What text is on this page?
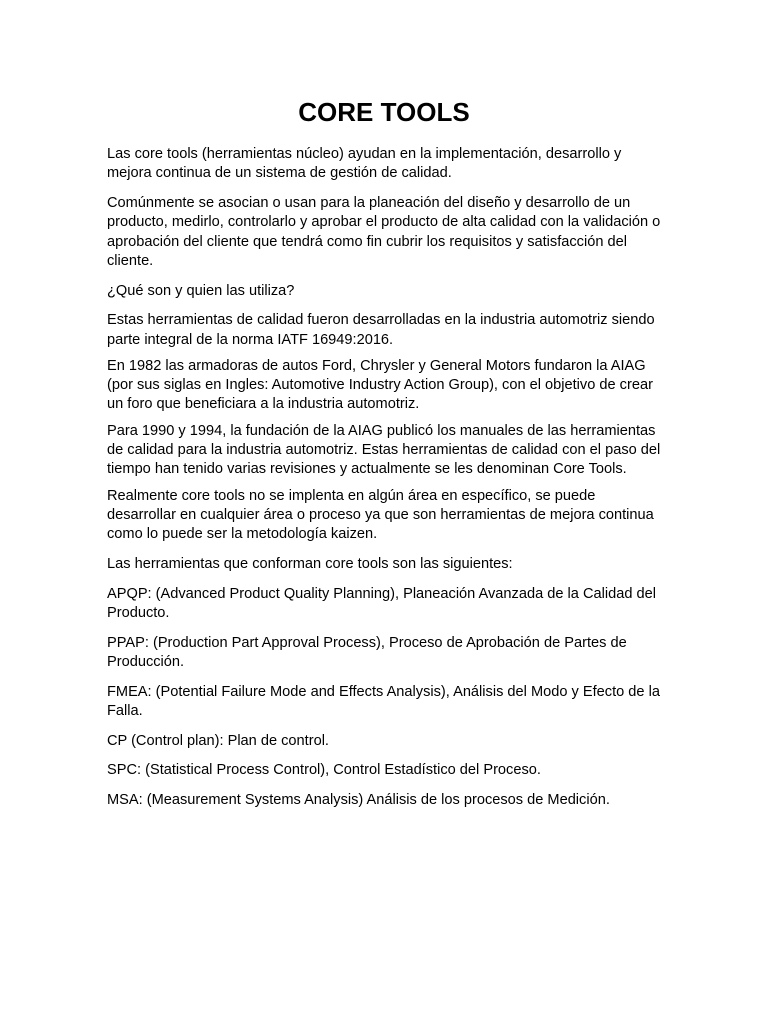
CORE TOOLS

Las core tools (herramientas núcleo) ayudan en la implementación, desarrollo y mejora continua de un sistema de gestión de calidad.

Comúnmente se asocian o usan para la planeación del diseño y desarrollo de un producto, medirlo, controlarlo y aprobar el producto de alta calidad con la validación o aprobación del cliente que tendrá como fin cubrir los requisitos y satisfacción del cliente.

¿Qué son y quien las utiliza?

Estas herramientas de calidad fueron desarrolladas en la industria automotriz siendo parte integral de la norma IATF 16949:2016.

En 1982 las armadoras de autos Ford, Chrysler y General Motors fundaron la AIAG (por sus siglas en Ingles: Automotive Industry Action Group), con el objetivo de crear un foro que beneficiara a la industria automotriz.

Para 1990 y 1994, la fundación de la AIAG publicó los manuales de las herramientas de calidad para la industria automotriz. Estas herramientas de calidad con el paso del tiempo han tenido varias revisiones y actualmente se les denominan Core Tools.

Realmente core tools no se implenta en algún área en específico, se puede desarrollar en cualquier área o proceso ya que son herramientas de mejora continua como lo puede ser la metodología kaizen.

Las herramientas que conforman core tools son las siguientes:

APQP: (Advanced Product Quality Planning), Planeación Avanzada de la Calidad del Producto.

PPAP: (Production Part Approval Process), Proceso de Aprobación de Partes de Producción.

FMEA: (Potential Failure Mode and Effects Analysis), Análisis del Modo y Efecto de la Falla.

CP (Control plan): Plan de control.

SPC: (Statistical Process Control), Control Estadístico del Proceso.

MSA: (Measurement Systems Analysis) Análisis de los procesos de Medición.
